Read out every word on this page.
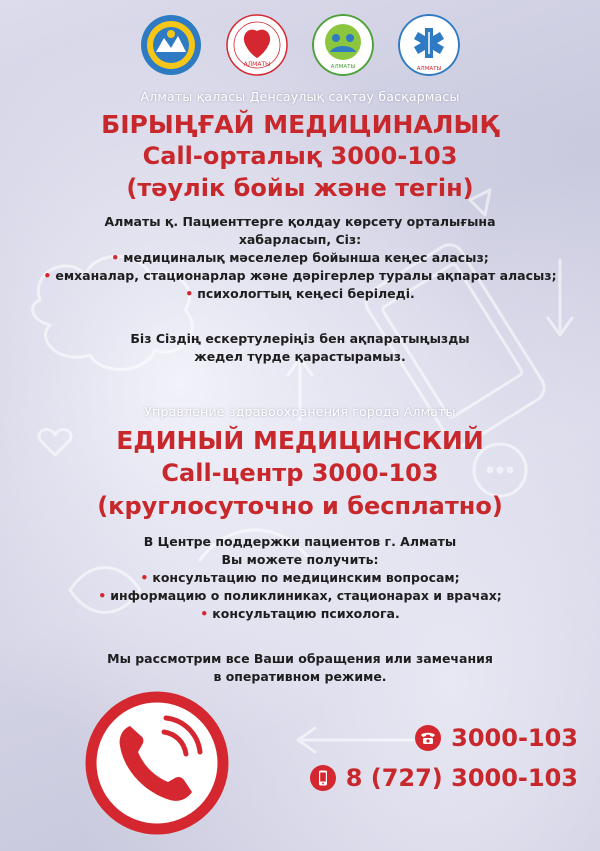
АЛМАТЫ	АЛМАТЫ	АЛМАТЫ
Алматы қаласы Денсаулық сақтау басқармасы
БІРЫҢҒАЙ МЕДИЦИНАЛЫҚ
Call-орталық 3000-103
(тәулік бойы және тегін)
Алматы қ. Пациенттерге қолдау көрсету орталығына
хабарласып, Сіз:
• медициналық мәселелер бойынша кеңес аласыз;
• емханалар, стационарлар және дәрігерлер туралы ақпарат аласыз;
• психологтың кеңесі беріледі.
Біз Сіздің ескертулеріңіз бен ақпаратыңызды
жедел түрде қарастырамыз.
Управление здравоохранения города Алматы
ЕДИНЫЙ МЕДИЦИНСКИЙ
Call-центр 3000-103
(круглосуточно и бесплатно)
В Центре поддержки пациентов г. Алматы
Вы можете получить:
• консультацию по медицинским вопросам;
• информацию о поликлиниках, стационарах и врачах;
• консультацию психолога.
Мы рассмотрим все Ваши обращения или замечания
в оперативном режиме.
3000-103
8 (727) 3000-103
